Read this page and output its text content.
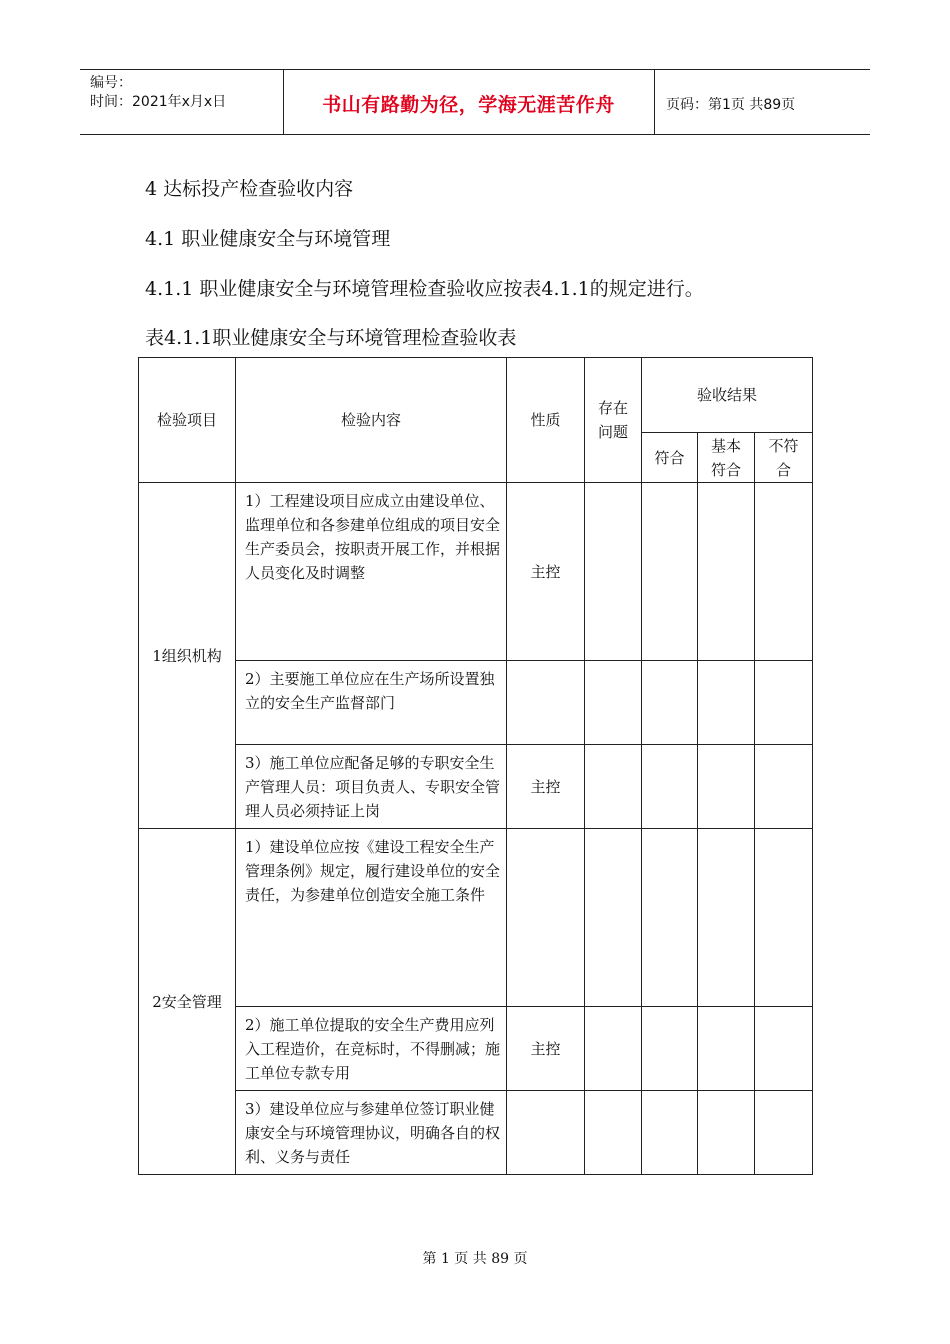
编号：
时间：2021年x月x日	书山有路勤为径，学海无涯苦作舟	页码：第1页 共89页
4 达标投产检查验收内容
4.1 职业健康安全与环境管理
4.1.1 职业健康安全与环境管理检查验收应按表4.1.1的规定进行。
表4.1.1职业健康安全与环境管理检查验收表
检验项目	检验内容	性质	存在问题	验收结果		
				符合	基本符合	不符合
1组织机构	1）工程建设项目应成立由建设单位、监理单位和各参建单位组成的项目安全生产委员会，按职责开展工作，并根据人员变化及时调整	主控				
	2）主要施工单位应在生产场所设置独立的安全生产监督部门					
	3）施工单位应配备足够的专职安全生产管理人员：项目负责人、专职安全管理人员必须持证上岗	主控				
2安全管理	1）建设单位应按《建设工程安全生产管理条例》规定，履行建设单位的安全责任，为参建单位创造安全施工条件					
	2）施工单位提取的安全生产费用应列入工程造价，在竞标时，不得删减；施工单位专款专用	主控				
	3）建设单位应与参建单位签订职业健康安全与环境管理协议，明确各自的权利、义务与责任					
第 1 页 共 89 页
